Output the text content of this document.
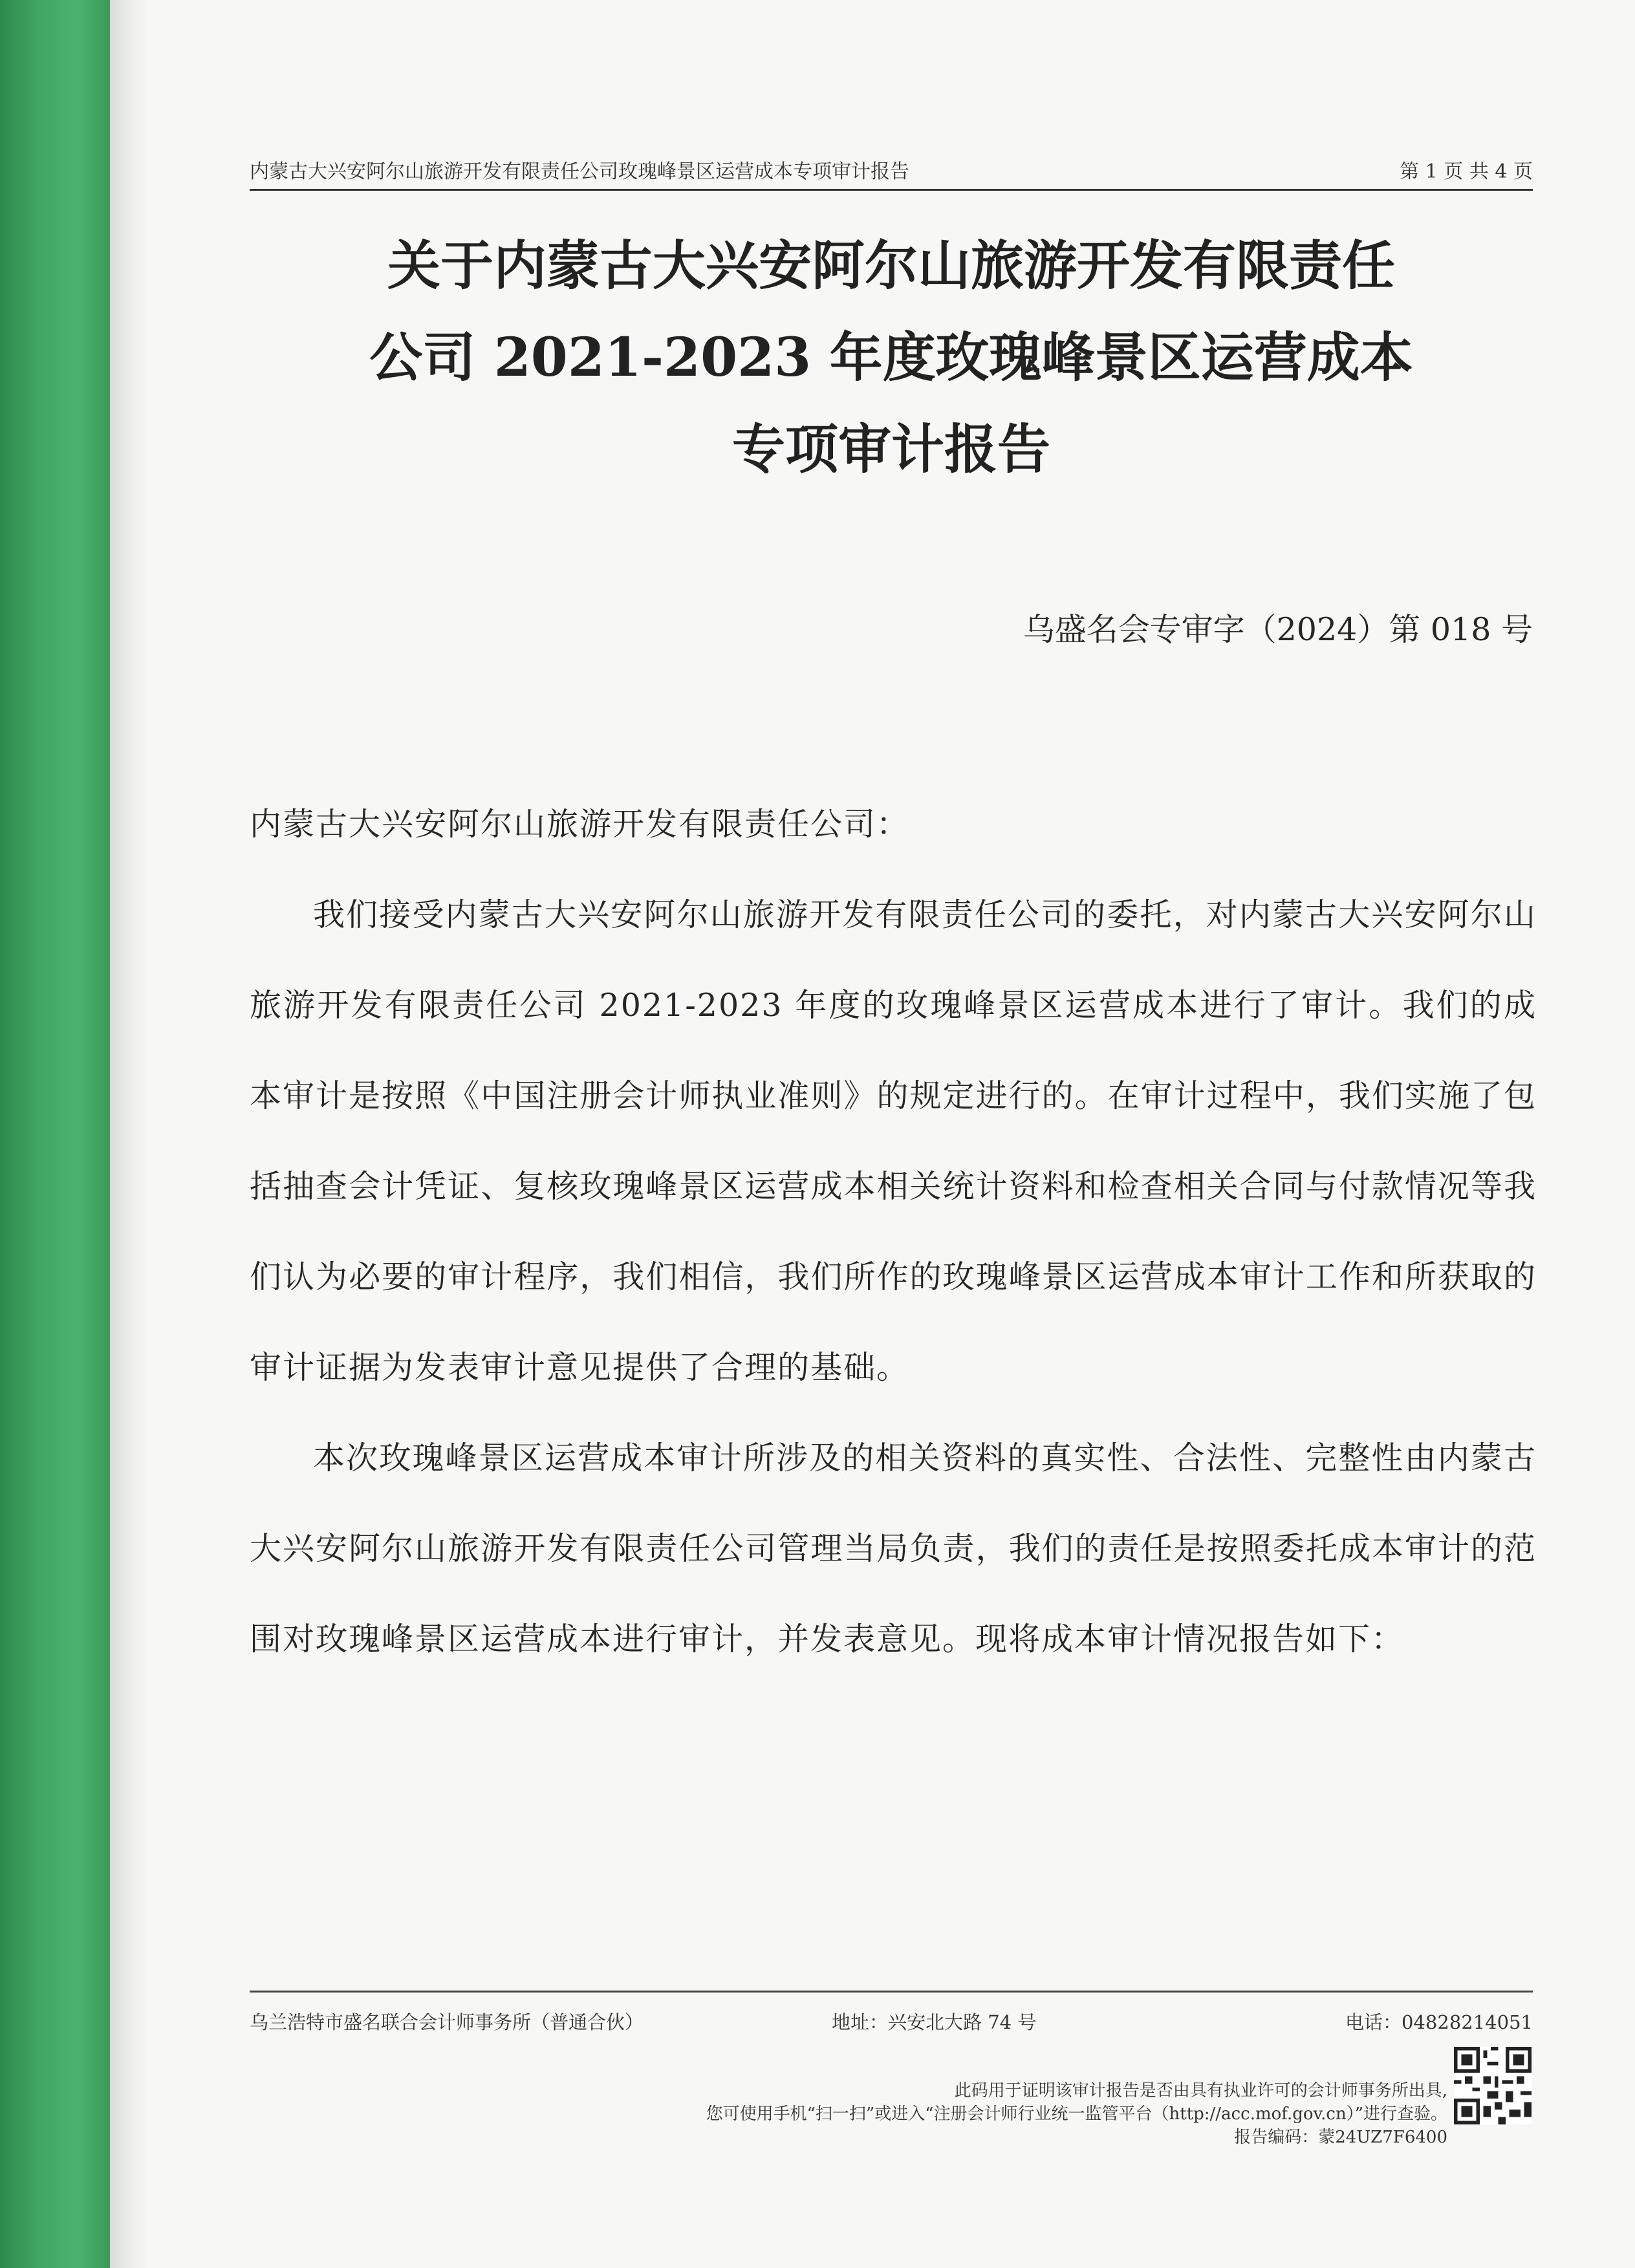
内蒙古大兴安阿尔山旅游开发有限责任公司玫瑰峰景区运营成本专项审计报告	第 1 页 共 4 页
关于内蒙古大兴安阿尔山旅游开发有限责任
公司 2021-2023 年度玫瑰峰景区运营成本
专项审计报告
乌盛名会专审字（2024）第 018 号

内蒙古大兴安阿尔山旅游开发有限责任公司：

我们接受内蒙古大兴安阿尔山旅游开发有限责任公司的委托，对内蒙古大兴安阿尔山旅游开发有限责任公司 2021-2023 年度的玫瑰峰景区运营成本进行了审计。我们的成本审计是按照《中国注册会计师执业准则》的规定进行的。在审计过程中，我们实施了包括抽查会计凭证、复核玫瑰峰景区运营成本相关统计资料和检查相关合同与付款情况等我们认为必要的审计程序，我们相信，我们所作的玫瑰峰景区运营成本审计工作和所获取的审计证据为发表审计意见提供了合理的基础。

本次玫瑰峰景区运营成本审计所涉及的相关资料的真实性、合法性、完整性由内蒙古大兴安阿尔山旅游开发有限责任公司管理当局负责，我们的责任是按照委托成本审计的范围对玫瑰峰景区运营成本进行审计，并发表意见。现将成本审计情况报告如下：

乌兰浩特市盛名联合会计师事务所（普通合伙）	地址：兴安北大路 74 号	电话：04828214051
此码用于证明该审计报告是否由具有执业许可的会计师事务所出具,
您可使用手机“扫一扫”或进入“注册会计师行业统一监管平台（http://acc.mof.gov.cn）”进行查验。
报告编码：蒙24UZ7F6400
